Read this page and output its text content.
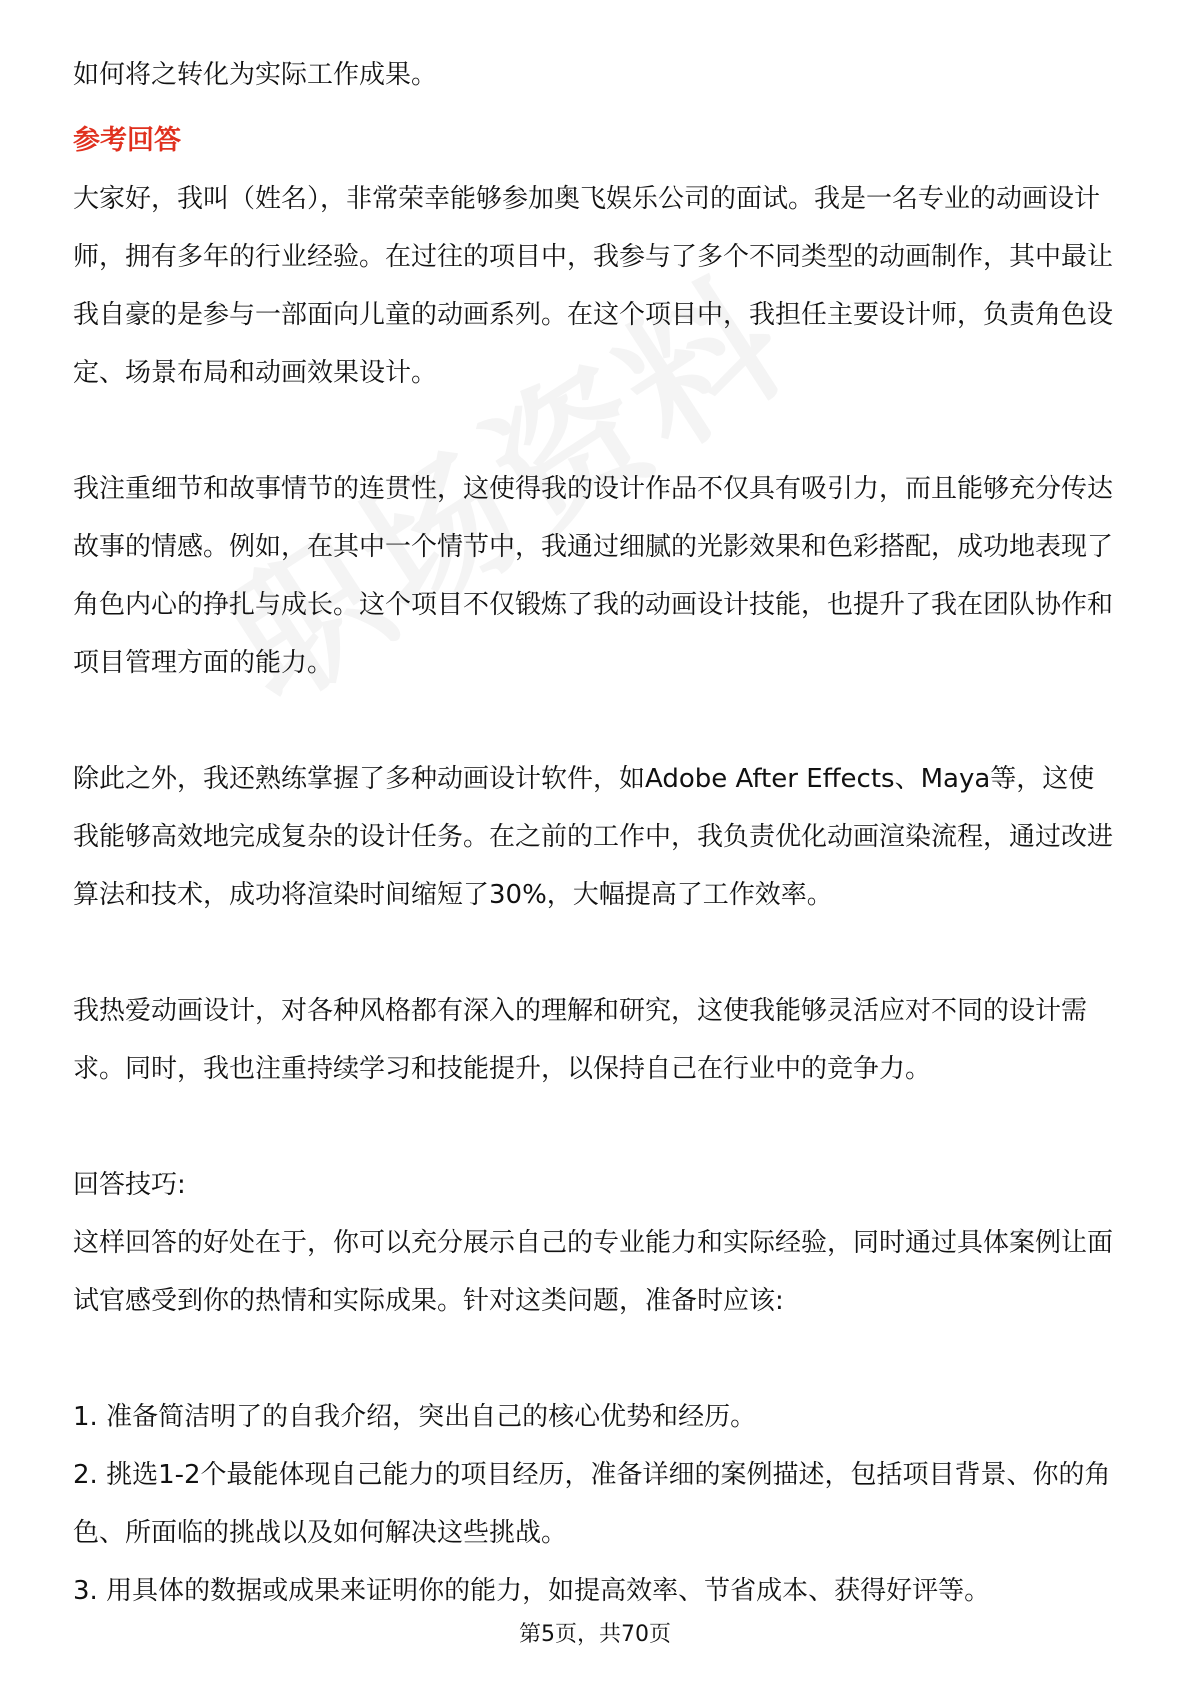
如何将之转化为实际工作成果。

参考回答

大家好，我叫（姓名），非常荣幸能够参加奥飞娱乐公司的面试。我是一名专业的动画设计师，拥有多年的行业经验。在过往的项目中，我参与了多个不同类型的动画制作，其中最让我自豪的是参与一部面向儿童的动画系列。在这个项目中，我担任主要设计师，负责角色设定、场景布局和动画效果设计。

我注重细节和故事情节的连贯性，这使得我的设计作品不仅具有吸引力，而且能够充分传达故事的情感。例如，在其中一个情节中，我通过细腻的光影效果和色彩搭配，成功地表现了角色内心的挣扎与成长。这个项目不仅锻炼了我的动画设计技能，也提升了我在团队协作和项目管理方面的能力。

除此之外，我还熟练掌握了多种动画设计软件，如Adobe After Effects、Maya等，这使我能够高效地完成复杂的设计任务。在之前的工作中，我负责优化动画渲染流程，通过改进算法和技术，成功将渲染时间缩短了30%，大幅提高了工作效率。

我热爱动画设计，对各种风格都有深入的理解和研究，这使我能够灵活应对不同的设计需求。同时，我也注重持续学习和技能提升，以保持自己在行业中的竞争力。

回答技巧:

这样回答的好处在于，你可以充分展示自己的专业能力和实际经验，同时通过具体案例让面试官感受到你的热情和实际成果。针对这类问题，准备时应该:

1. 准备简洁明了的自我介绍，突出自己的核心优势和经历。

2. 挑选1-2个最能体现自己能力的项目经历，准备详细的案例描述，包括项目背景、你的角色、所面临的挑战以及如何解决这些挑战。

3. 用具体的数据或成果来证明你的能力，如提高效率、节省成本、获得好评等。

第5页，共70页
